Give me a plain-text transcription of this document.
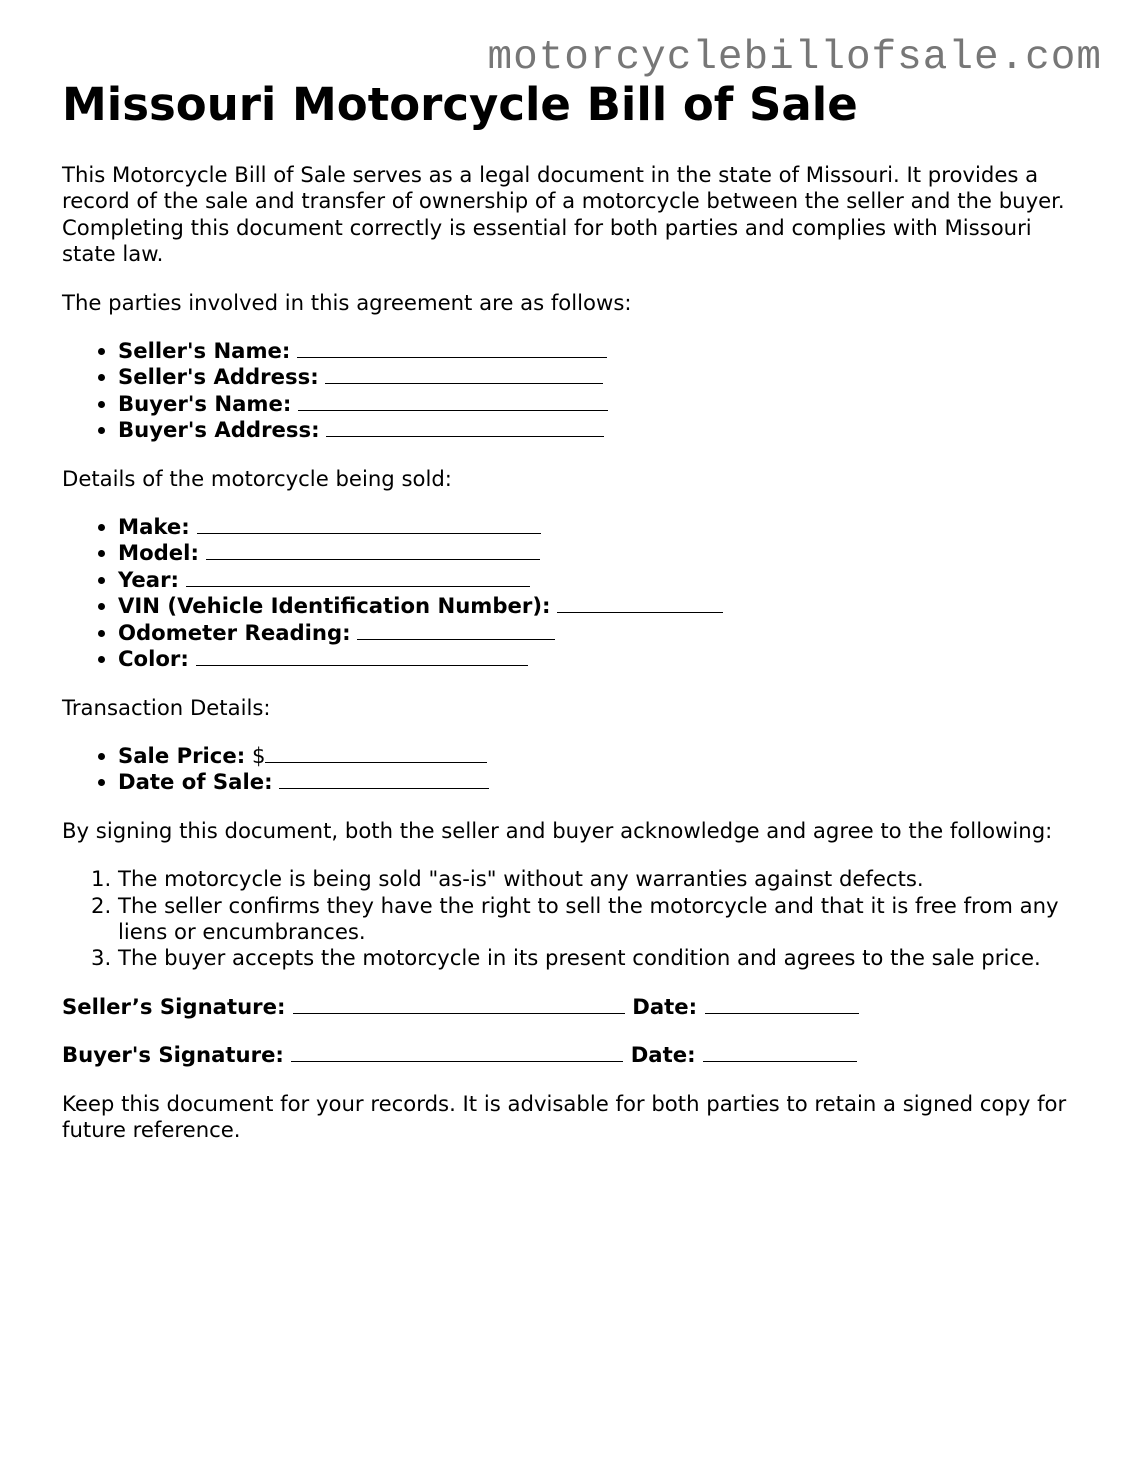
motorcyclebillofsale.com
Missouri Motorcycle Bill of Sale

This Motorcycle Bill of Sale serves as a legal document in the state of Missouri. It provides a record of the sale and transfer of ownership of a motorcycle between the seller and the buyer. Completing this document correctly is essential for both parties and complies with Missouri state law.

The parties involved in this agreement are as follows:

• Seller's Name:
• Seller's Address:
• Buyer's Name:
• Buyer's Address:

Details of the motorcycle being sold:

• Make:
• Model:
• Year:
• VIN (Vehicle Identification Number):
• Odometer Reading:
• Color:

Transaction Details:

• Sale Price: $
• Date of Sale:

By signing this document, both the seller and buyer acknowledge and agree to the following:

1. The motorcycle is being sold "as-is" without any warranties against defects.
2. The seller confirms they have the right to sell the motorcycle and that it is free from any liens or encumbrances.
3. The buyer accepts the motorcycle in its present condition and agrees to the sale price.
Seller’s Signature:	Date:
Buyer's Signature:	Date:

Keep this document for your records. It is advisable for both parties to retain a signed copy for future reference.
